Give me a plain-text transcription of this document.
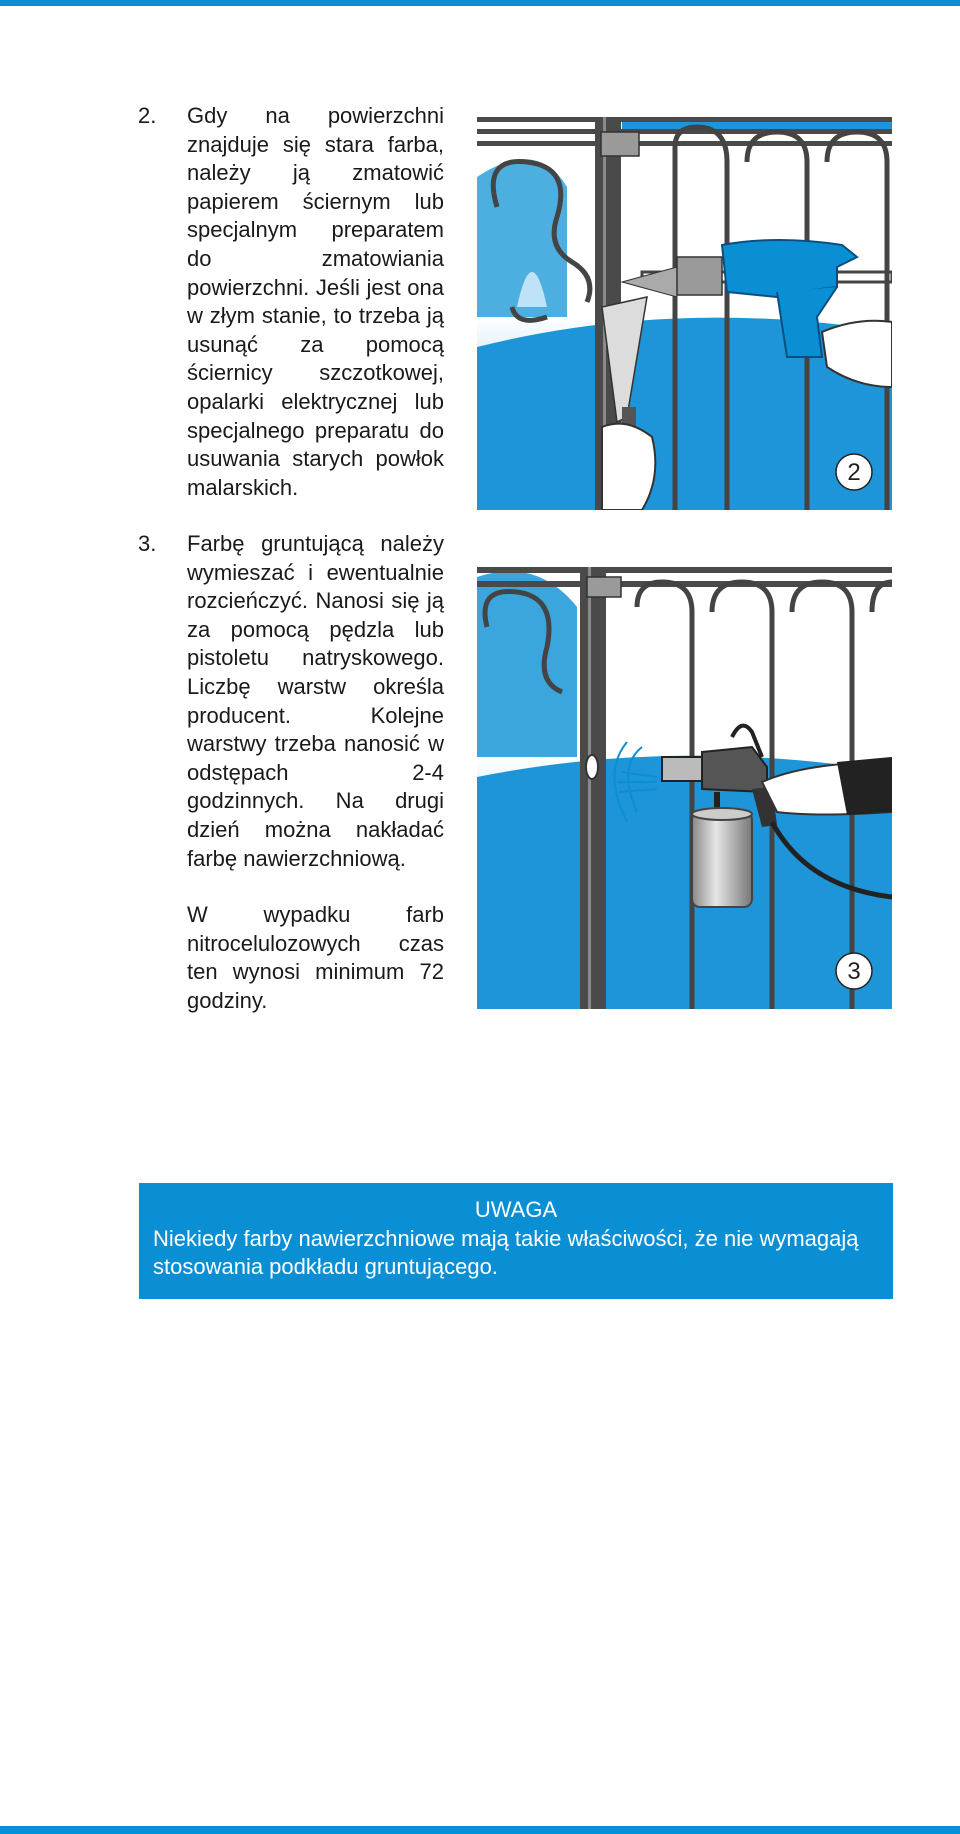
2. Gdy na powierzchni znajduje się stara farba, należy ją zmatowić papierem ściernym lub specjalnym preparatem do zmatowiania powierzchni. Jeśli jest ona w złym stanie, to trzeba ją usunąć za pomocą ściernicy szczotkowej, opalarki elektrycznej lub specjalnego preparatu do usuwania starych powłok malarskich.

2
3. Farbę gruntującą należy wymieszać i ewentualnie rozcieńczyć. Nanosi się ją za pomocą pędzla lub pistoletu natryskowego. Liczbę warstw określa producent. Kolejne warstwy trzeba nanosić w odstępach 2-4 godzinnych. Na drugi dzień można nakładać farbę nawierzchniową.

W wypadku farb nitrocelulozowych czas ten wynosi minimum 72 godziny.

3
UWAGA

Niekiedy farby nawierzchniowe mają takie właściwości, że nie wymagają stosowania podkładu gruntującego.
